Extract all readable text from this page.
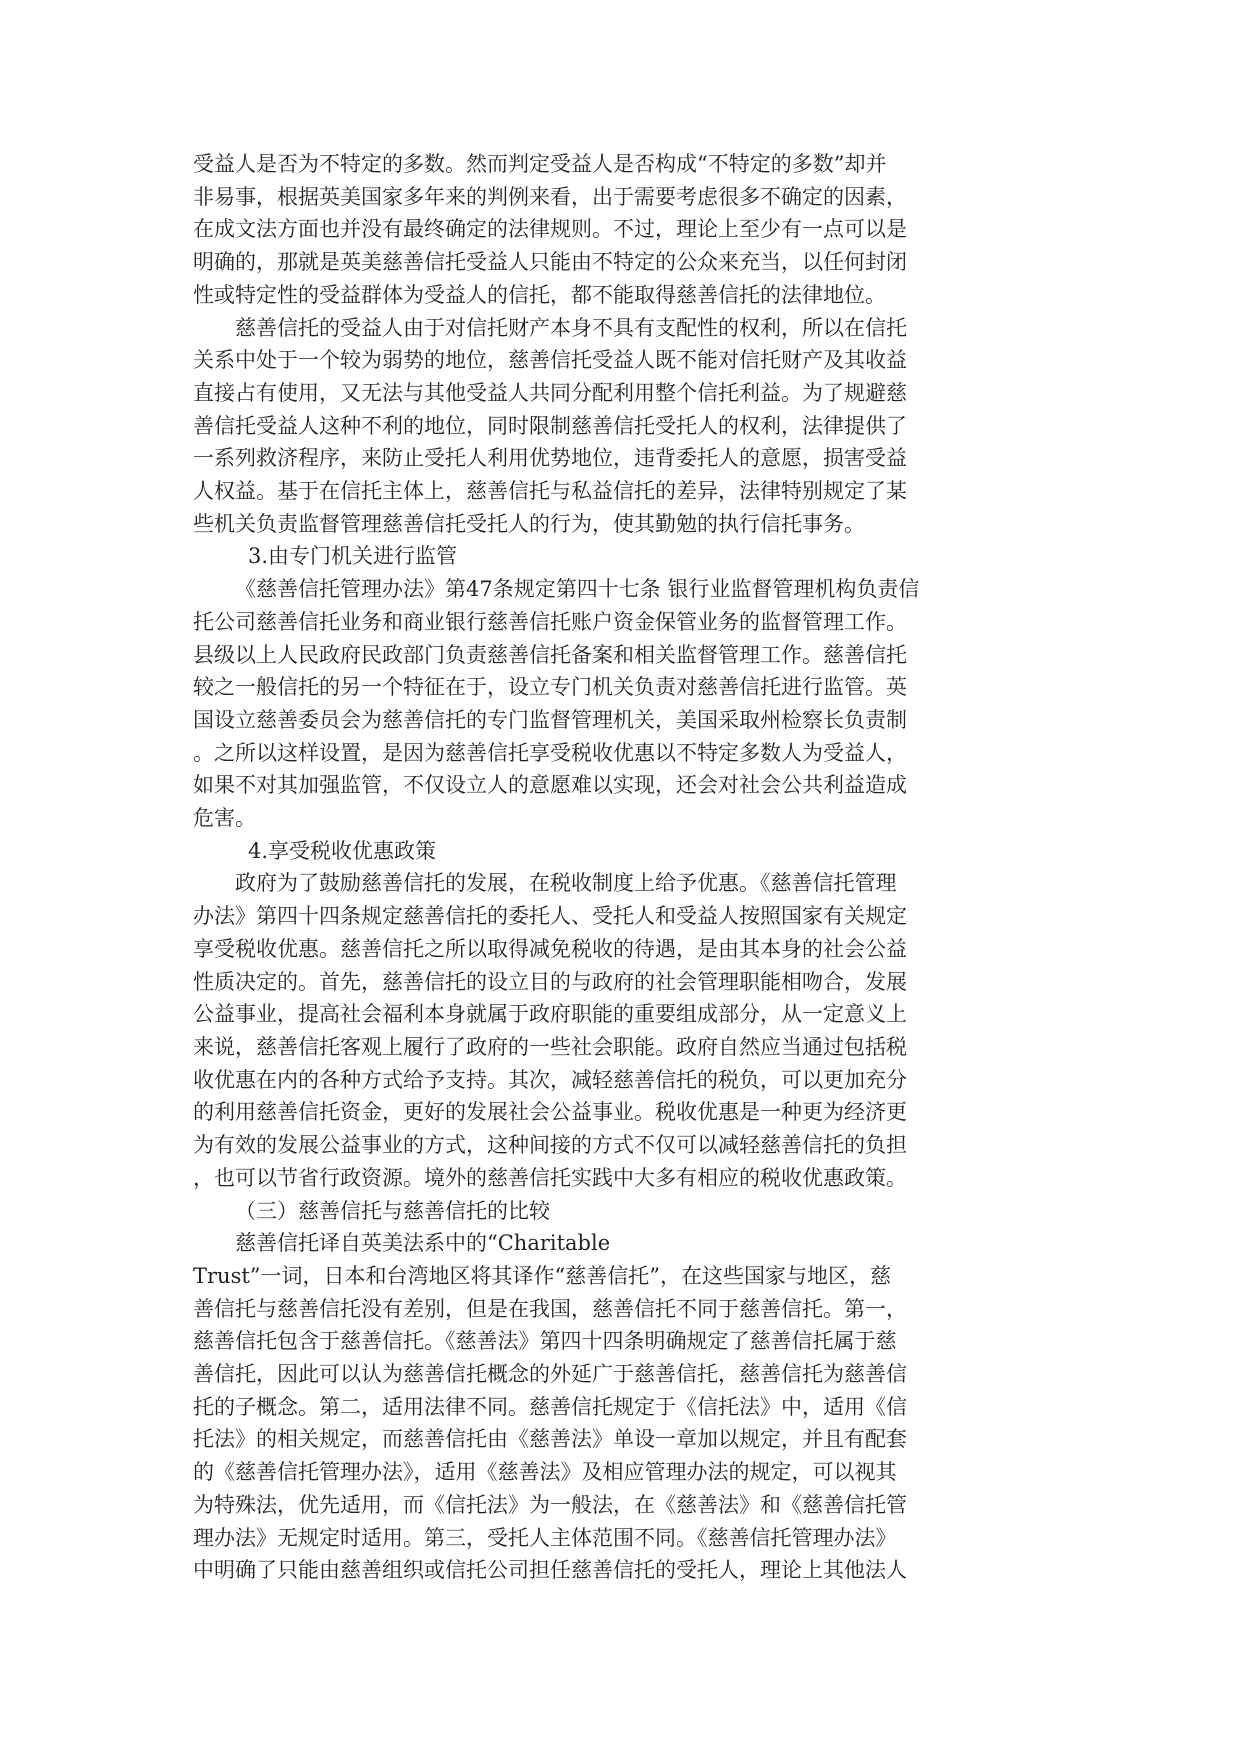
受益人是否为不特定的多数。然而判定受益人是否构成“不特定的多数”却并
非易事，根据英美国家多年来的判例来看，出于需要考虑很多不确定的因素，
在成文法方面也并没有最终确定的法律规则。不过，理论上至少有一点可以是
明确的，那就是英美慈善信托受益人只能由不特定的公众来充当，以任何封闭
性或特定性的受益群体为受益人的信托，都不能取得慈善信托的法律地位。
慈善信托的受益人由于对信托财产本身不具有支配性的权利，所以在信托
关系中处于一个较为弱势的地位，慈善信托受益人既不能对信托财产及其收益
直接占有使用，又无法与其他受益人共同分配利用整个信托利益。为了规避慈
善信托受益人这种不利的地位，同时限制慈善信托受托人的权利，法律提供了
一系列救济程序，来防止受托人利用优势地位，违背委托人的意愿，损害受益
人权益。基于在信托主体上，慈善信托与私益信托的差异，法律特别规定了某
些机关负责监督管理慈善信托受托人的行为，使其勤勉的执行信托事务。
3.由专门机关进行监管
《慈善信托管理办法》第47条规定第四十七条 银行业监督管理机构负责信
托公司慈善信托业务和商业银行慈善信托账户资金保管业务的监督管理工作。
县级以上人民政府民政部门负责慈善信托备案和相关监督管理工作。慈善信托
较之一般信托的另一个特征在于，设立专门机关负责对慈善信托进行监管。英
国设立慈善委员会为慈善信托的专门监督管理机关，美国采取州检察长负责制
。之所以这样设置，是因为慈善信托享受税收优惠以不特定多数人为受益人，
如果不对其加强监管，不仅设立人的意愿难以实现，还会对社会公共利益造成
危害。
4.享受税收优惠政策
政府为了鼓励慈善信托的发展，在税收制度上给予优惠。《慈善信托管理
办法》第四十四条规定慈善信托的委托人、受托人和受益人按照国家有关规定
享受税收优惠。慈善信托之所以取得减免税收的待遇，是由其本身的社会公益
性质决定的。首先，慈善信托的设立目的与政府的社会管理职能相吻合，发展
公益事业，提高社会福利本身就属于政府职能的重要组成部分，从一定意义上
来说，慈善信托客观上履行了政府的一些社会职能。政府自然应当通过包括税
收优惠在内的各种方式给予支持。其次，减轻慈善信托的税负，可以更加充分
的利用慈善信托资金，更好的发展社会公益事业。税收优惠是一种更为经济更
为有效的发展公益事业的方式，这种间接的方式不仅可以减轻慈善信托的负担
，也可以节省行政资源。境外的慈善信托实践中大多有相应的税收优惠政策。
（三）慈善信托与慈善信托的比较
慈善信托译自英美法系中的“Charitable
Trust”一词，日本和台湾地区将其译作“慈善信托”，在这些国家与地区，慈
善信托与慈善信托没有差别，但是在我国，慈善信托不同于慈善信托。第一，
慈善信托包含于慈善信托。《慈善法》第四十四条明确规定了慈善信托属于慈
善信托，因此可以认为慈善信托概念的外延广于慈善信托，慈善信托为慈善信
托的子概念。第二，适用法律不同。慈善信托规定于《信托法》中，适用《信
托法》的相关规定，而慈善信托由《慈善法》单设一章加以规定，并且有配套
的《慈善信托管理办法》，适用《慈善法》及相应管理办法的规定，可以视其
为特殊法，优先适用，而《信托法》为一般法，在《慈善法》和《慈善信托管
理办法》无规定时适用。第三，受托人主体范围不同。《慈善信托管理办法》
中明确了只能由慈善组织或信托公司担任慈善信托的受托人，理论上其他法人
